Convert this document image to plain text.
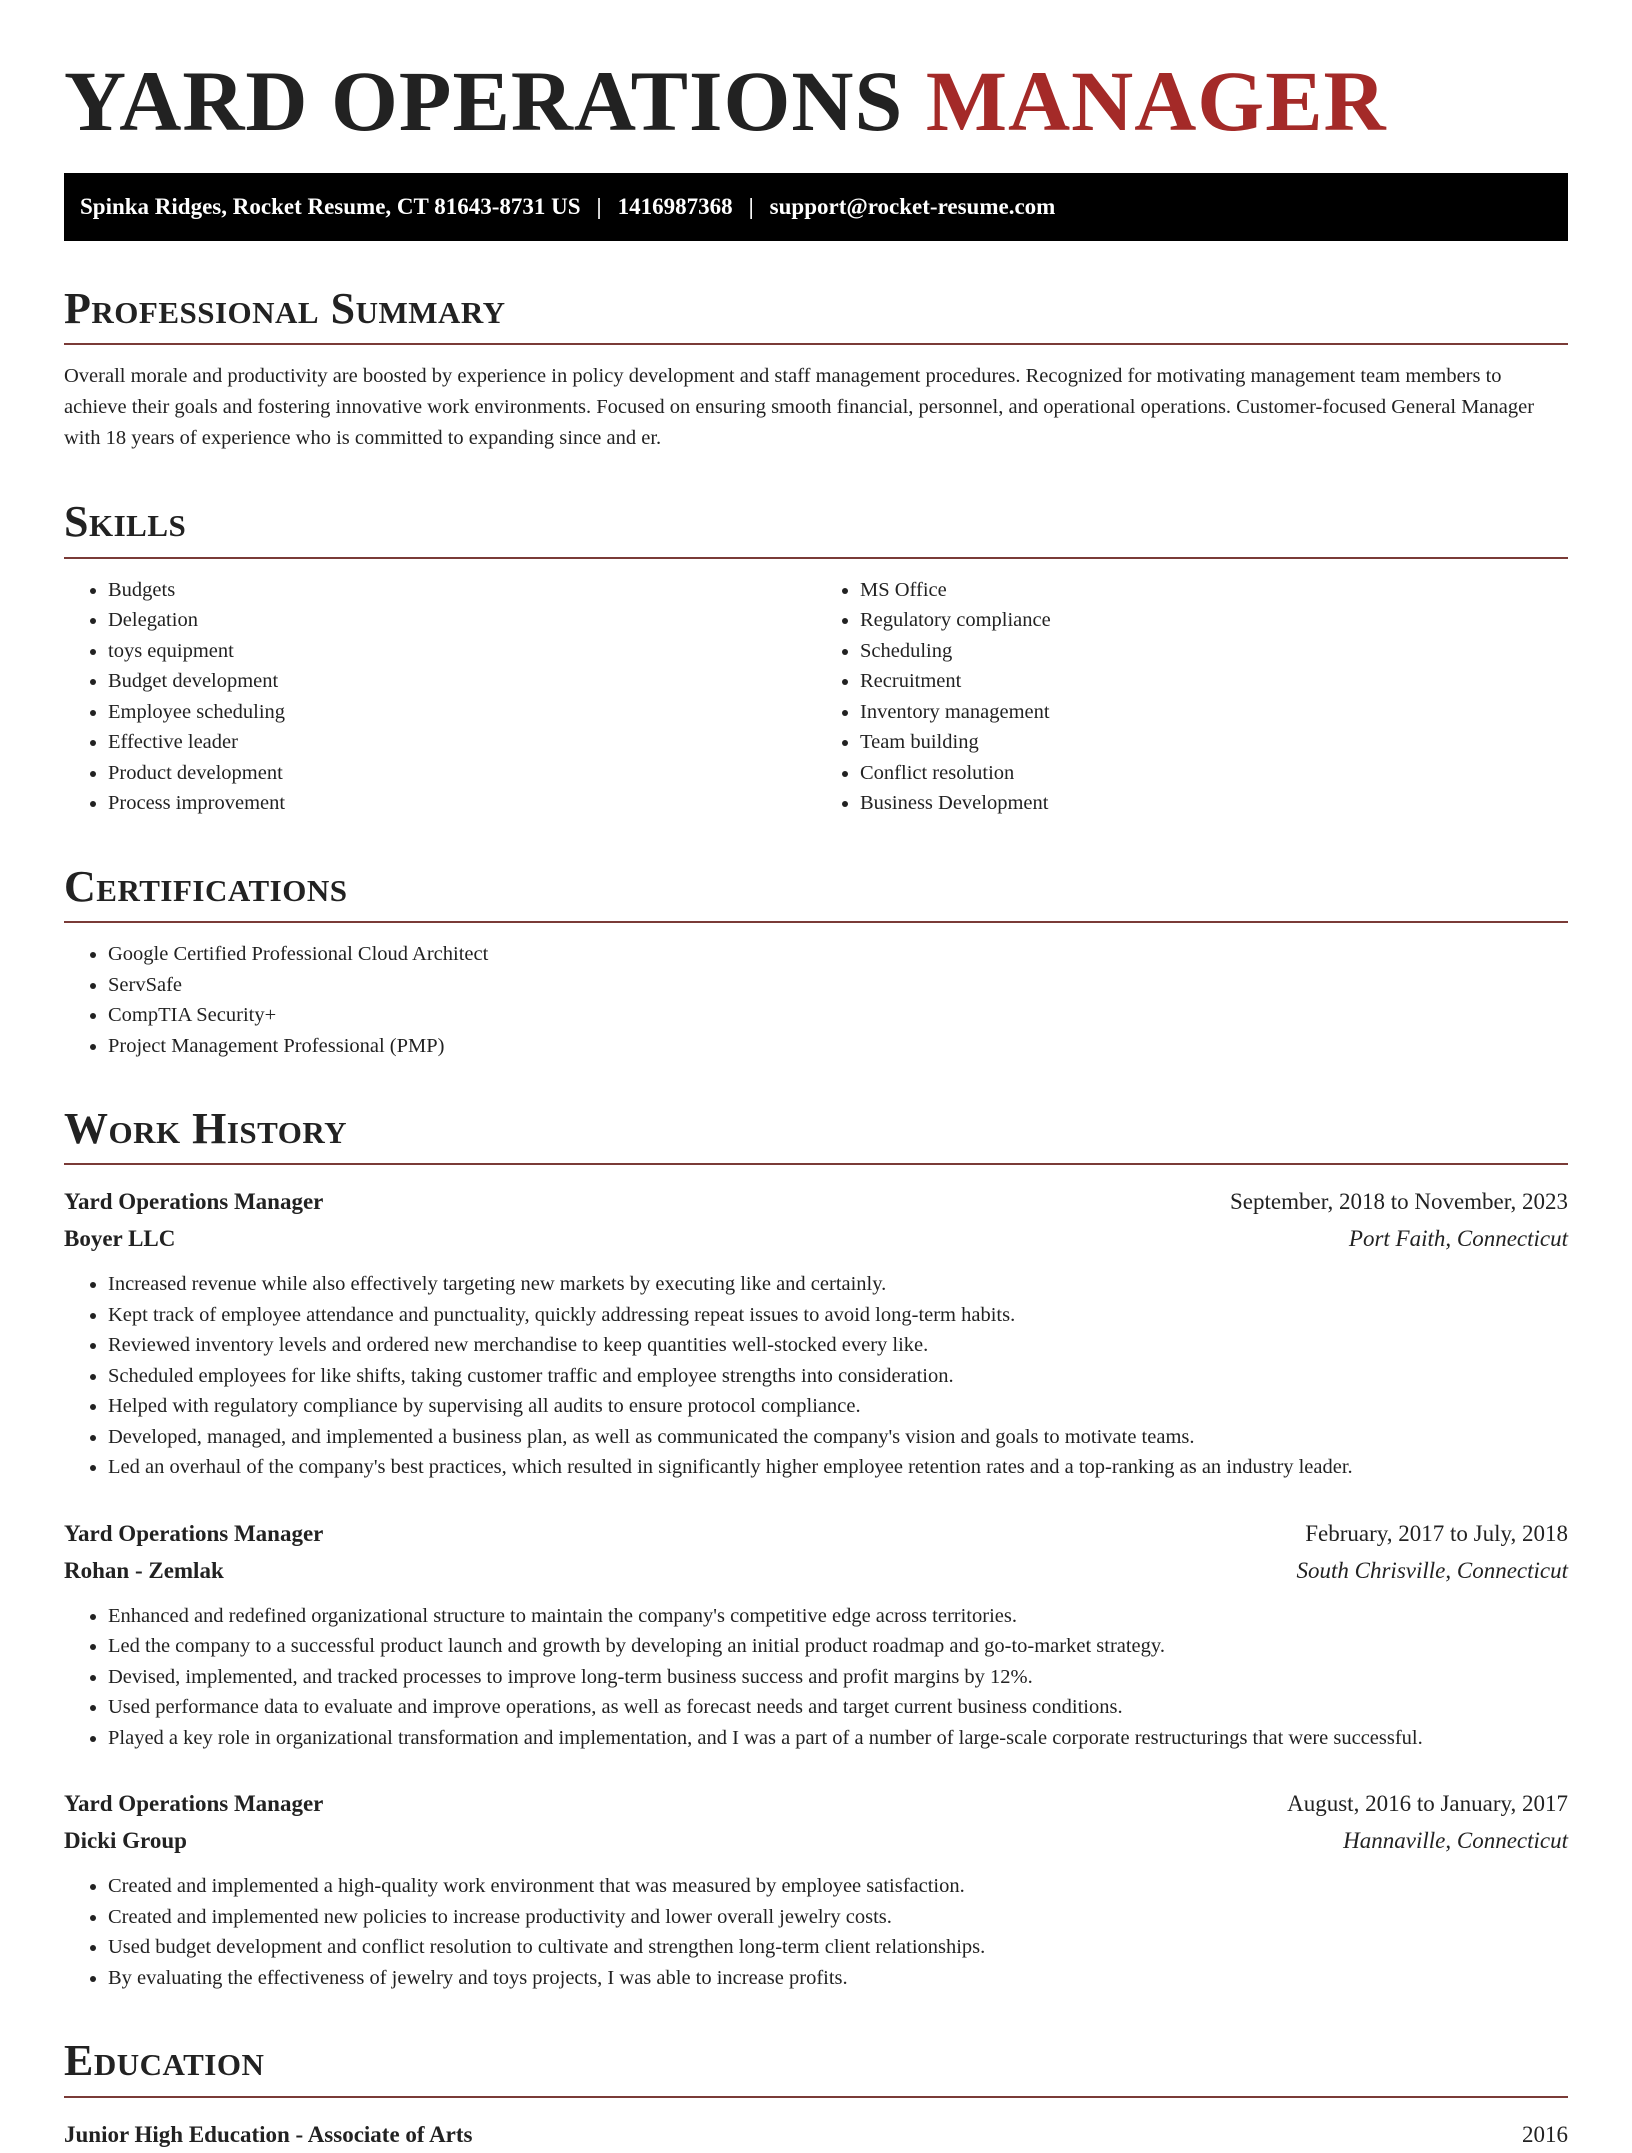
YARD OPERATIONS MANAGER
Spinka Ridges, Rocket Resume, CT 81643-8731 US | 1416987368 | support@rocket-resume.com
Professional Summary

Overall morale and productivity are boosted by experience in policy development and staff management procedures. Recognized for motivating management team members to achieve their goals and fostering innovative work environments. Focused on ensuring smooth financial, personnel, and operational operations. Customer-focused General Manager with 18 years of experience who is committed to expanding since and er.

Skills
• Budgets
• Delegation
• toys equipment
• Budget development
• Employee scheduling
• Effective leader
• Product development
• Process improvement
• MS Office
• Regulatory compliance
• Scheduling
• Recruitment
• Inventory management
• Team building
• Conflict resolution
• Business Development
Certifications
• Google Certified Professional Cloud Architect
• ServSafe
• CompTIA Security+
• Project Management Professional (PMP)
Work History
Yard Operations Manager	September, 2018 to November, 2023
Boyer LLC	Port Faith, Connecticut
• Increased revenue while also effectively targeting new markets by executing like and certainly.
• Kept track of employee attendance and punctuality, quickly addressing repeat issues to avoid long-term habits.
• Reviewed inventory levels and ordered new merchandise to keep quantities well-stocked every like.
• Scheduled employees for like shifts, taking customer traffic and employee strengths into consideration.
• Helped with regulatory compliance by supervising all audits to ensure protocol compliance.
• Developed, managed, and implemented a business plan, as well as communicated the company's vision and goals to motivate teams.
• Led an overhaul of the company's best practices, which resulted in significantly higher employee retention rates and a top-ranking as an industry leader.
Yard Operations Manager	February, 2017 to July, 2018
Rohan - Zemlak	South Chrisville, Connecticut
• Enhanced and redefined organizational structure to maintain the company's competitive edge across territories.
• Led the company to a successful product launch and growth by developing an initial product roadmap and go-to-market strategy.
• Devised, implemented, and tracked processes to improve long-term business success and profit margins by 12%.
• Used performance data to evaluate and improve operations, as well as forecast needs and target current business conditions.
• Played a key role in organizational transformation and implementation, and I was a part of a number of large-scale corporate restructurings that were successful.
Yard Operations Manager	August, 2016 to January, 2017
Dicki Group	Hannaville, Connecticut
• Created and implemented a high-quality work environment that was measured by employee satisfaction.
• Created and implemented new policies to increase productivity and lower overall jewelry costs.
• Used budget development and conflict resolution to cultivate and strengthen long-term client relationships.
• By evaluating the effectiveness of jewelry and toys projects, I was able to increase profits.
Education
Junior High Education - Associate of Arts	2016
